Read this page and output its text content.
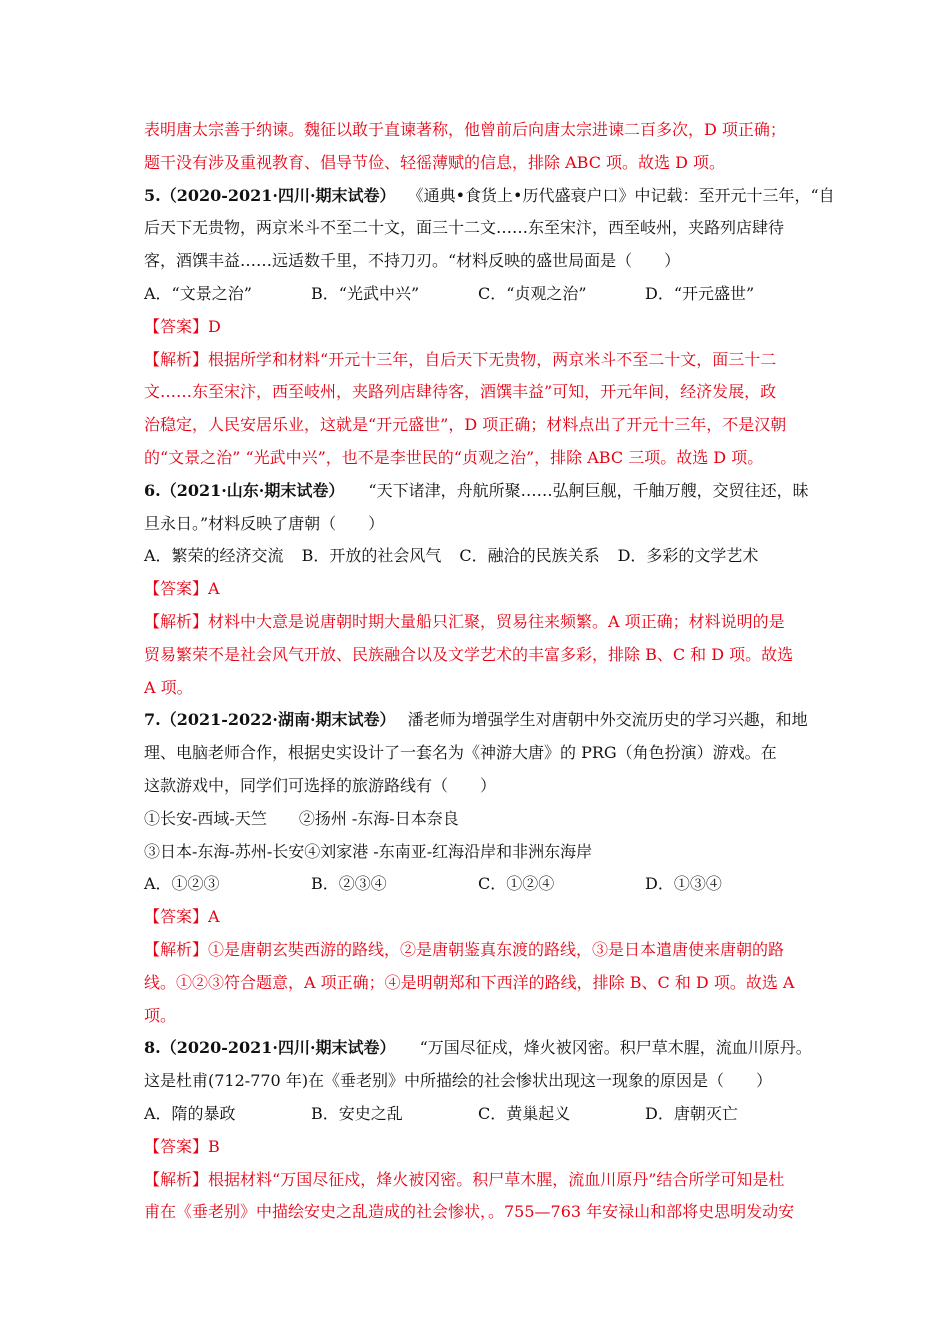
表明唐太宗善于纳谏。魏征以敢于直谏著称，他曾前后向唐太宗进谏二百多次，D 项正确；
题干没有涉及重视教育、倡导节俭、轻徭薄赋的信息，排除 ABC 项。故选 D 项。
5.（2020-2021·四川·期末试卷） 《通典•食货上•历代盛衰户口》中记载：至开元十三年，“自
后天下无贵物，两京米斗不至二十文，面三十二文……东至宋汴，西至岐州，夹路列店肆待
客，酒馔丰益……远适数千里，不持刀刃。“材料反映的盛世局面是（　　）
A．“文景之治”	B．“光武中兴”	C．“贞观之治”	D．“开元盛世”
【答案】D
【解析】根据所学和材料“开元十三年，自后天下无贵物，两京米斗不至二十文，面三十二
文……东至宋汴，西至岐州，夹路列店肆待客，酒馔丰益”可知，开元年间，经济发展，政
治稳定，人民安居乐业，这就是“开元盛世”，D 项正确；材料点出了开元十三年，不是汉朝
的“文景之治” “光武中兴”，也不是李世民的“贞观之治”，排除 ABC 三项。故选 D 项。
6.（2021·山东·期末试卷） “天下诸津，舟航所聚……弘舸巨舰，千舳万艘，交贸往还，昧
旦永日。”材料反映了唐朝（　　）
A．繁荣的经济交流 B．开放的社会风气 C．融洽的民族关系 D．多彩的文学艺术
【答案】A
【解析】材料中大意是说唐朝时期大量船只汇聚，贸易往来频繁。A 项正确；材料说明的是
贸易繁荣不是社会风气开放、民族融合以及文学艺术的丰富多彩，排除 B、C 和 D 项。故选
A 项。
7.（2021-2022·湖南·期末试卷） 潘老师为增强学生对唐朝中外交流历史的学习兴趣，和地
理、电脑老师合作，根据史实设计了一套名为《神游大唐》的 PRG（角色扮演）游戏。在
这款游戏中，同学们可选择的旅游路线有（　　）
①长安-西域-天竺　　②扬州 -东海-日本奈良
③日本-东海-苏州-长安④刘家港 -东南亚-红海沿岸和非洲东海岸
A．①②③	B．②③④	C．①②④	D．①③④
【答案】A
【解析】①是唐朝玄奘西游的路线，②是唐朝鉴真东渡的路线，③是日本遣唐使来唐朝的路
线。①②③符合题意，A 项正确；④是明朝郑和下西洋的路线，排除 B、C 和 D 项。故选 A
项。
8.（2020-2021·四川·期末试卷） “万国尽征戍，烽火被冈密。积尸草木腥，流血川原丹。
这是杜甫(712-770 年)在《垂老别》中所描绘的社会惨状出现这一现象的原因是（　　）
A．隋的暴政	B．安史之乱	C．黄巢起义	D．唐朝灭亡
【答案】B
【解析】根据材料“万国尽征戍，烽火被冈密。积尸草木腥，流血川原丹”结合所学可知是杜
甫在《垂老别》中描绘安史之乱造成的社会惨状，。755—763 年安禄山和部将史思明发动安
